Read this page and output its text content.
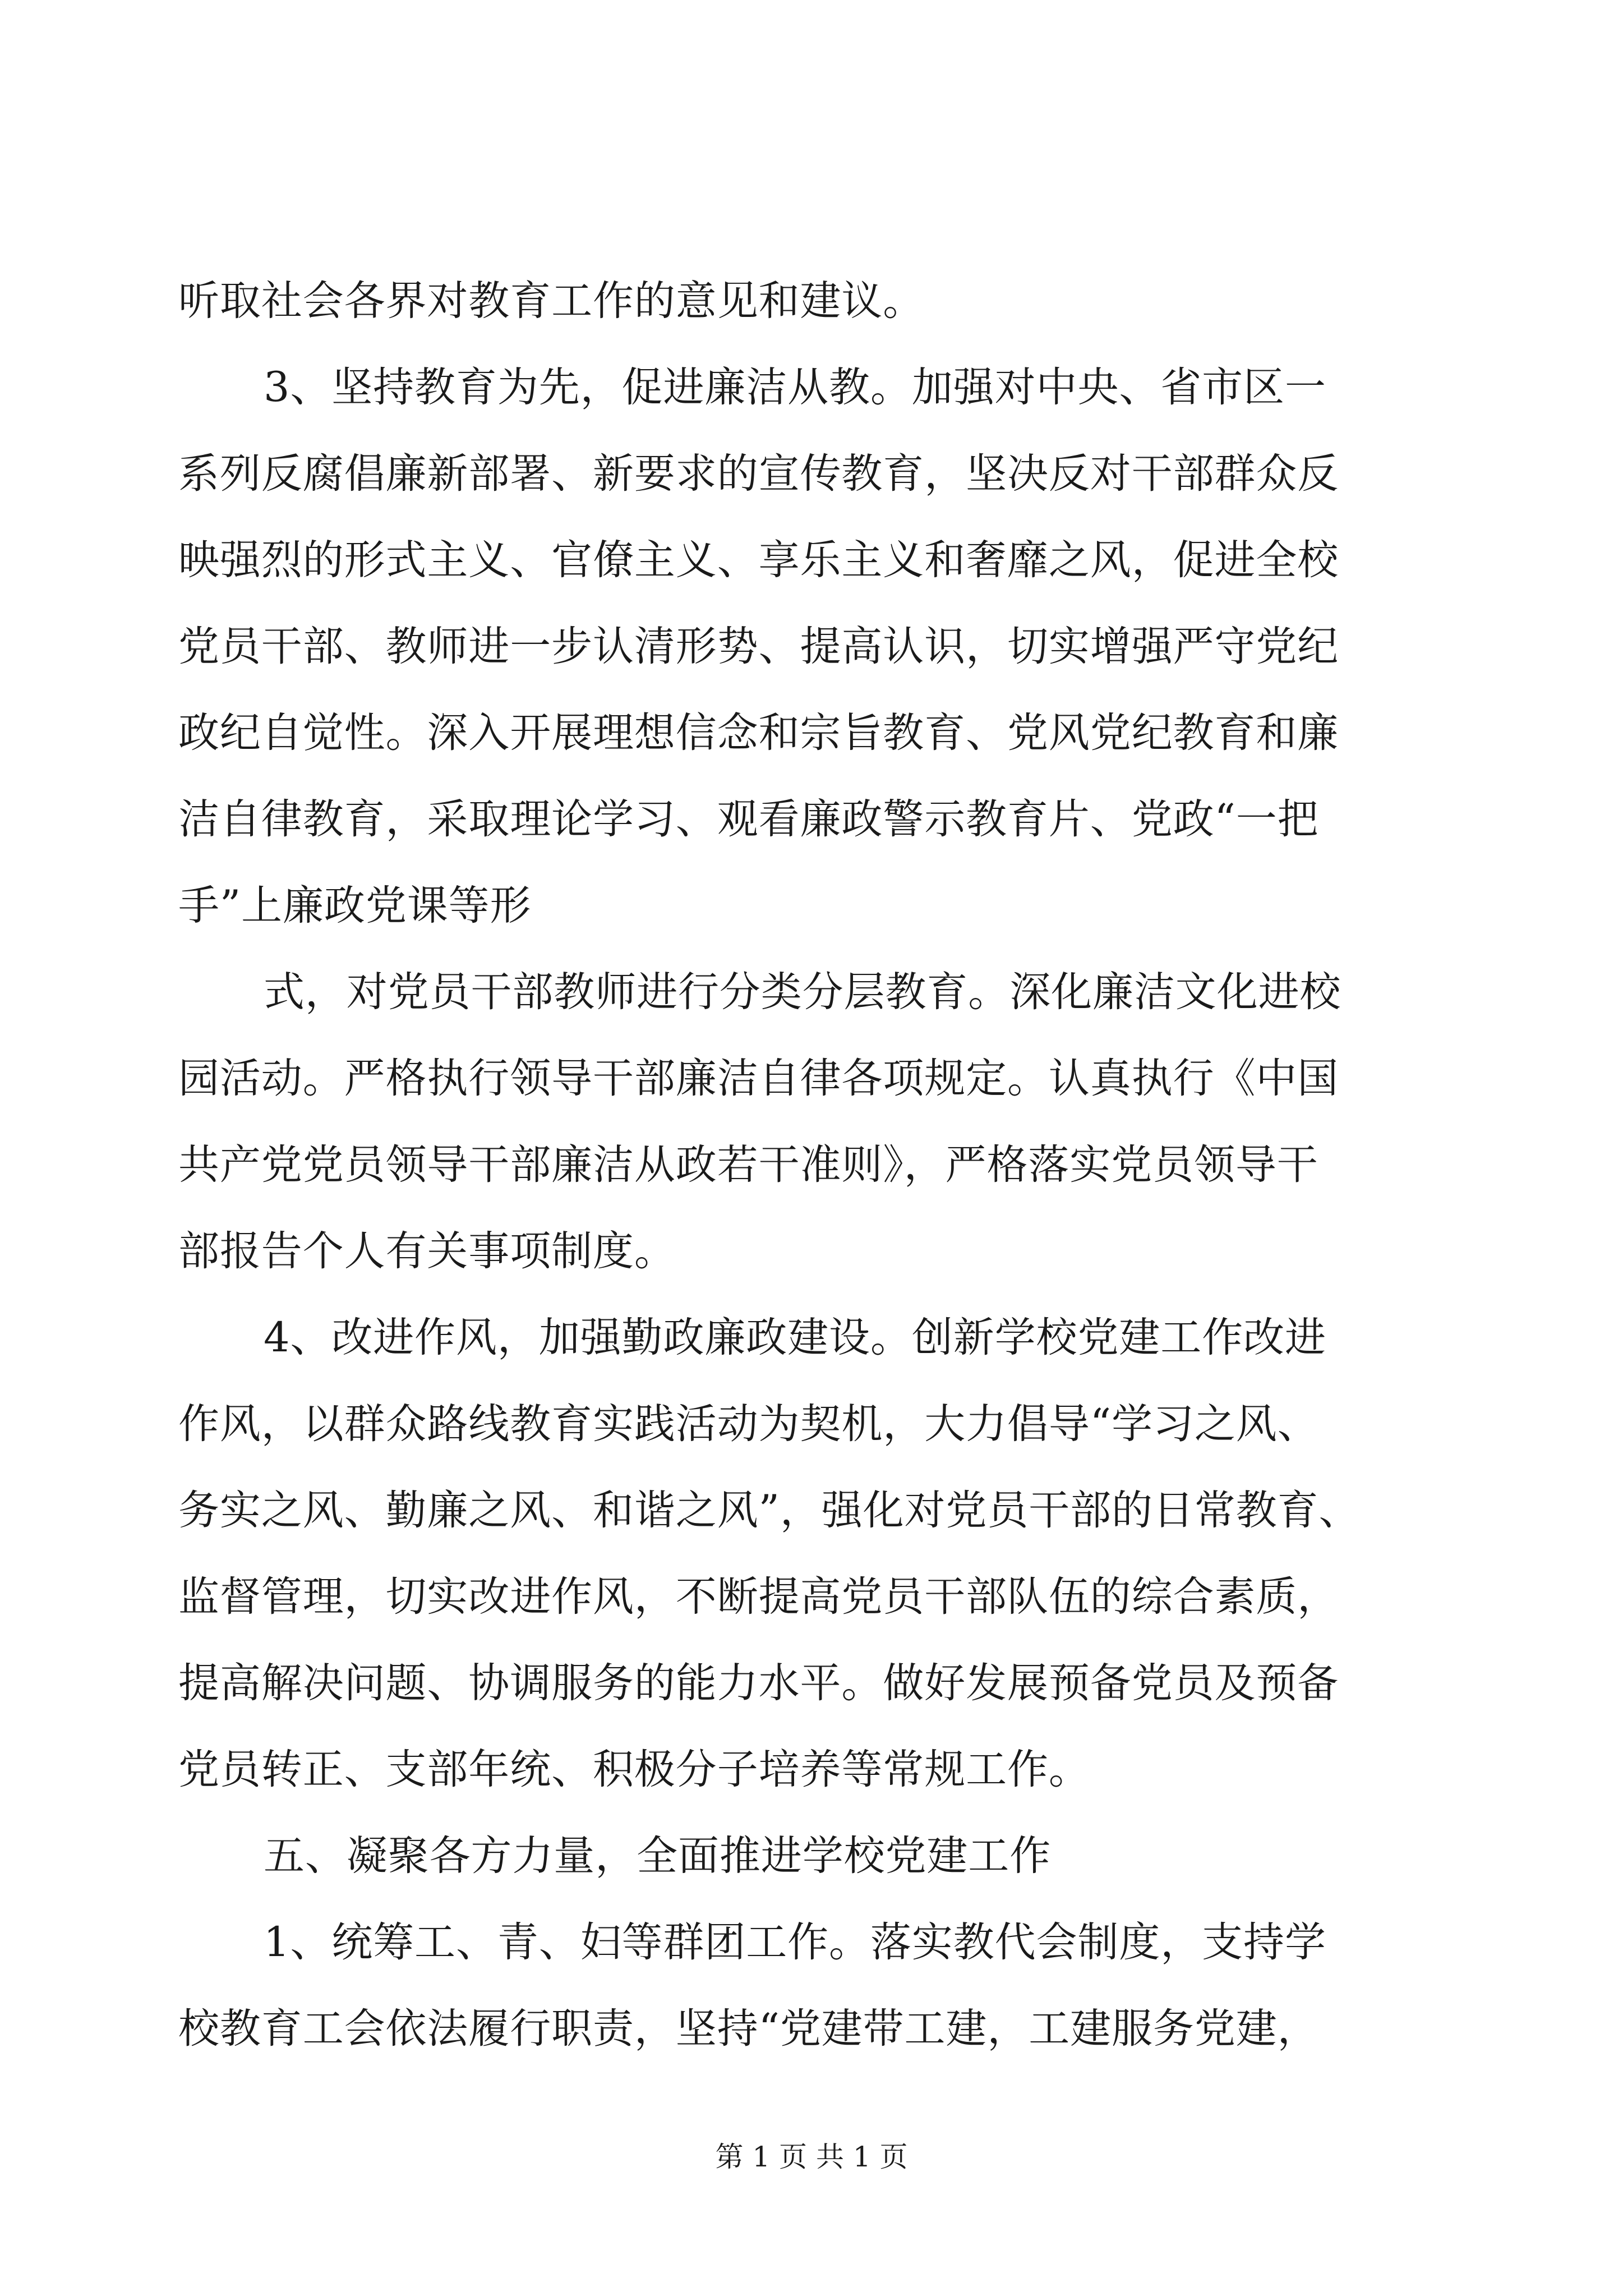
听取社会各界对教育工作的意见和建议。
3、坚持教育为先，促进廉洁从教。加强对中央、省市区一
系列反腐倡廉新部署、新要求的宣传教育，坚决反对干部群众反
映强烈的形式主义、官僚主义、享乐主义和奢靡之风，促进全校
党员干部、教师进一步认清形势、提高认识，切实增强严守党纪
政纪自觉性。深入开展理想信念和宗旨教育、党风党纪教育和廉
洁自律教育，采取理论学习、观看廉政警示教育片、党政“一把
手”上廉政党课等形
式，对党员干部教师进行分类分层教育。深化廉洁文化进校
园活动。严格执行领导干部廉洁自律各项规定。认真执行《中国
共产党党员领导干部廉洁从政若干准则》，严格落实党员领导干
部报告个人有关事项制度。
4、改进作风，加强勤政廉政建设。创新学校党建工作改进
作风，以群众路线教育实践活动为契机，大力倡导“学习之风、
务实之风、勤廉之风、和谐之风”，强化对党员干部的日常教育、
监督管理，切实改进作风，不断提高党员干部队伍的综合素质，
提高解决问题、协调服务的能力水平。做好发展预备党员及预备
党员转正、支部年统、积极分子培养等常规工作。
五、凝聚各方力量，全面推进学校党建工作
1、统筹工、青、妇等群团工作。落实教代会制度，支持学
校教育工会依法履行职责，坚持“党建带工建，工建服务党建，
第 1 页 共 1 页
